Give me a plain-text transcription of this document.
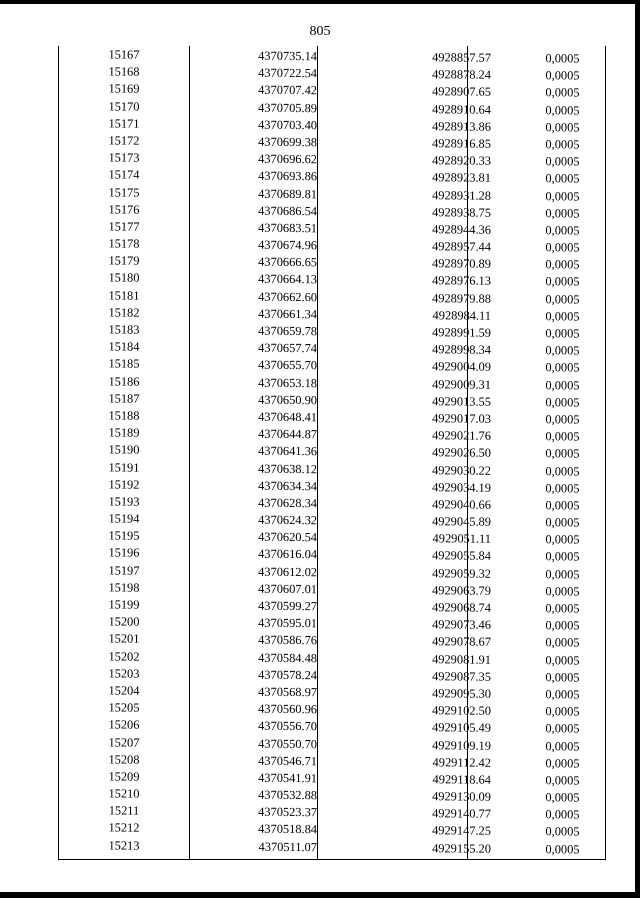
805
15167	4370735.14	4928857.57	0,0005
15168	4370722.54	4928878.24	0,0005
15169	4370707.42	4928907.65	0,0005
15170	4370705.89	4928910.64	0,0005
15171	4370703.40	4928913.86	0,0005
15172	4370699.38	4928916.85	0,0005
15173	4370696.62	4928920.33	0,0005
15174	4370693.86	4928923.81	0,0005
15175	4370689.81	4928931.28	0,0005
15176	4370686.54	4928938.75	0,0005
15177	4370683.51	4928944.36	0,0005
15178	4370674.96	4928957.44	0,0005
15179	4370666.65	4928970.89	0,0005
15180	4370664.13	4928976.13	0,0005
15181	4370662.60	4928979.88	0,0005
15182	4370661.34	4928984.11	0,0005
15183	4370659.78	4928991.59	0,0005
15184	4370657.74	4928998.34	0,0005
15185	4370655.70	4929004.09	0,0005
15186	4370653.18	4929009.31	0,0005
15187	4370650.90	4929013.55	0,0005
15188	4370648.41	4929017.03	0,0005
15189	4370644.87	4929021.76	0,0005
15190	4370641.36	4929026.50	0,0005
15191	4370638.12	4929030.22	0,0005
15192	4370634.34	4929034.19	0,0005
15193	4370628.34	4929040.66	0,0005
15194	4370624.32	4929045.89	0,0005
15195	4370620.54	4929051.11	0,0005
15196	4370616.04	4929055.84	0,0005
15197	4370612.02	4929059.32	0,0005
15198	4370607.01	4929063.79	0,0005
15199	4370599.27	4929068.74	0,0005
15200	4370595.01	4929073.46	0,0005
15201	4370586.76	4929078.67	0,0005
15202	4370584.48	4929081.91	0,0005
15203	4370578.24	4929087.35	0,0005
15204	4370568.97	4929095.30	0,0005
15205	4370560.96	4929102.50	0,0005
15206	4370556.70	4929105.49	0,0005
15207	4370550.70	4929109.19	0,0005
15208	4370546.71	4929112.42	0,0005
15209	4370541.91	4929118.64	0,0005
15210	4370532.88	4929130.09	0,0005
15211	4370523.37	4929140.77	0,0005
15212	4370518.84	4929147.25	0,0005
15213	4370511.07	4929155.20	0,0005
